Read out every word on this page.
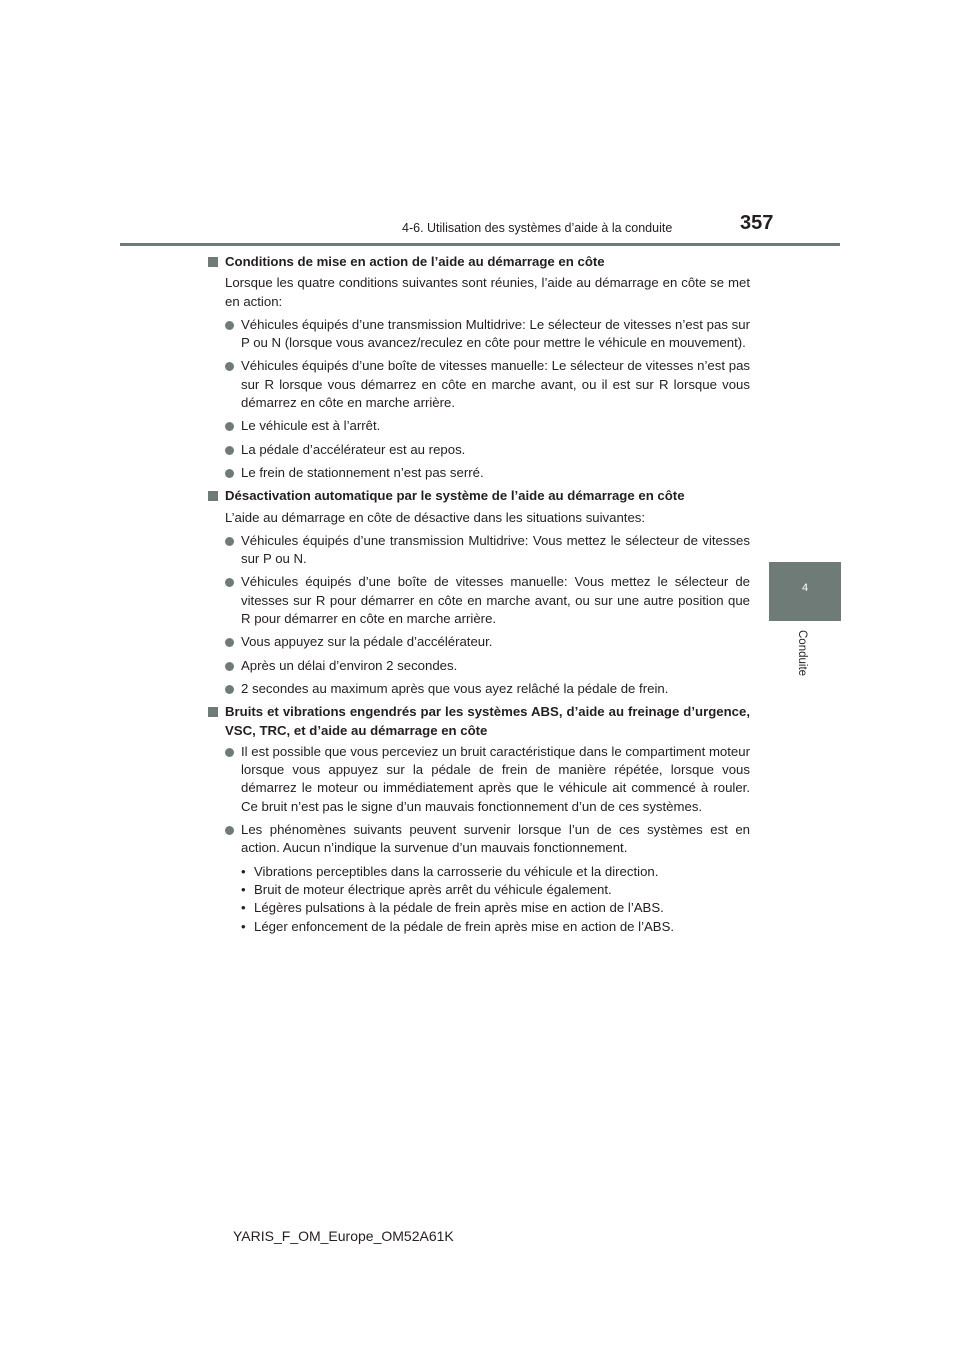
4-6. Utilisation des systèmes d’aide à la conduite	357
4
Conduite
Conditions de mise en action de l’aide au démarrage en côte
Lorsque les quatre conditions suivantes sont réunies, l’aide au démarrage en côte se met en action:
Véhicules équipés d’une transmission Multidrive: Le sélecteur de vitesses n’est pas sur P ou N (lorsque vous avancez/reculez en côte pour mettre le véhicule en mouvement).
Véhicules équipés d’une boîte de vitesses manuelle: Le sélecteur de vitesses n’est pas sur R lorsque vous démarrez en côte en marche avant, ou il est sur R lorsque vous démarrez en côte en marche arrière.
Le véhicule est à l’arrêt.
La pédale d’accélérateur est au repos.
Le frein de stationnement n’est pas serré.
Désactivation automatique par le système de l’aide au démarrage en côte
L’aide au démarrage en côte de désactive dans les situations suivantes:
Véhicules équipés d’une transmission Multidrive: Vous mettez le sélecteur de vitesses sur P ou N.
Véhicules équipés d’une boîte de vitesses manuelle: Vous mettez le sélecteur de vitesses sur R pour démarrer en côte en marche avant, ou sur une autre position que R pour démarrer en côte en marche arrière.
Vous appuyez sur la pédale d’accélérateur.
Après un délai d’environ 2 secondes.
2 secondes au maximum après que vous ayez relâché la pédale de frein.
Bruits et vibrations engendrés par les systèmes ABS, d’aide au freinage d’urgence, VSC, TRC, et d’aide au démarrage en côte
Il est possible que vous perceviez un bruit caractéristique dans le compartiment moteur lorsque vous appuyez sur la pédale de frein de manière répétée, lorsque vous démarrez le moteur ou immédiatement après que le véhicule ait commencé à rouler. Ce bruit n’est pas le signe d’un mauvais fonctionnement d’un de ces systèmes.
Les phénomènes suivants peuvent survenir lorsque l’un de ces systèmes est en action. Aucun n’indique la survenue d’un mauvais fonctionnement.
• Vibrations perceptibles dans la carrosserie du véhicule et la direction.
• Bruit de moteur électrique après arrêt du véhicule également.
• Légères pulsations à la pédale de frein après mise en action de l’ABS.
• Léger enfoncement de la pédale de frein après mise en action de l’ABS.
YARIS_F_OM_Europe_OM52A61K
